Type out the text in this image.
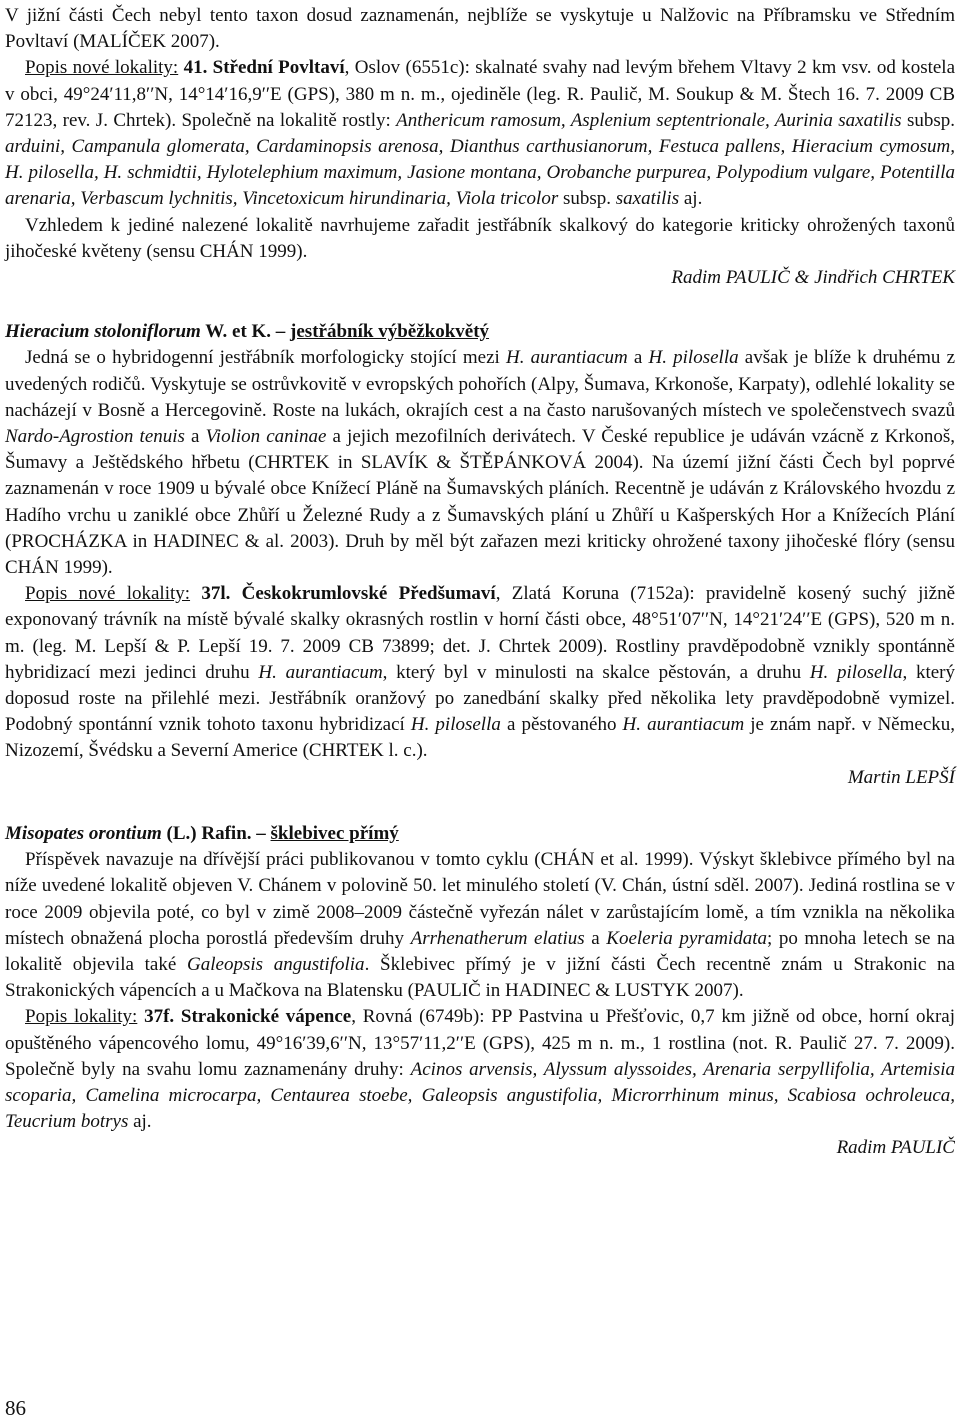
V jižní části Čech nebyl tento taxon dosud zaznamenán, nejblíže se vyskytuje u Nalžovic na Příbramsku ve Středním Povltaví (MALÍČEK 2007).

Popis nové lokality: 41. Střední Povltaví, Oslov (6551c): skalnaté svahy nad levým břehem Vltavy 2 km vsv. od kostela v obci, 49°24′11,8′′N, 14°14′16,9′′E (GPS), 380 m n. m., ojediněle (leg. R. Paulič, M. Soukup & M. Štech 16. 7. 2009 CB 72123, rev. J. Chrtek). Společně na lokalitě rostly: Anthericum ramosum, Asplenium septentrionale, Aurinia saxatilis subsp. arduini, Campanula glomerata, Cardaminopsis arenosa, Dianthus carthusianorum, Festuca pallens, Hieracium cymosum, H. pilosella, H. schmidtii, Hylotelephium maximum, Jasione montana, Orobanche purpurea, Polypodium vulgare, Potentilla arenaria, Verbascum lychnitis, Vincetoxicum hirundinaria, Viola tricolor subsp. saxatilis aj.

Vzhledem k jediné nalezené lokalitě navrhujeme zařadit jestřábník skalkový do kategorie kriticky ohrožených taxonů jihočeské květeny (sensu CHÁN 1999).

Radim PAULIČ & Jindřich CHRTEK

Hieracium stoloniflorum W. et K. – jestřábník výběžkokvětý

Jedná se o hybridogenní jestřábník morfologicky stojící mezi H. aurantiacum a H. pilosella avšak je blíže k druhému z uvedených rodičů. Vyskytuje se ostrůvkovitě v evropských pohořích (Alpy, Šumava, Krkonoše, Karpaty), odlehlé lokality se nacházejí v Bosně a Hercegovině. Roste na lukách, okrajích cest a na často narušovaných místech ve společenstvech svazů Nardo-Agrostion tenuis a Violion caninae a jejich mezofilních derivátech. V České republice je udáván vzácně z Krkonoš, Šumavy a Ještědského hřbetu (CHRTEK in SLAVÍK & ŠTĚPÁNKOVÁ 2004). Na území jižní části Čech byl poprvé zaznamenán v roce 1909 u bývalé obce Knížecí Pláně na Šumavských pláních. Recentně je udáván z Královského hvozdu z Hadího vrchu u zaniklé obce Zhůří u Železné Rudy a z Šumavských plání u Zhůří u Kašperských Hor a Knížecích Plání (PROCHÁZKA in HADINEC & al. 2003). Druh by měl být zařazen mezi kriticky ohrožené taxony jihočeské flóry (sensu CHÁN 1999).

Popis nové lokality: 37l. Českokrumlovské Předšumaví, Zlatá Koruna (7152a): pravidelně kosený suchý jižně exponovaný trávník na místě bývalé skalky okrasných rostlin v horní části obce, 48°51′07′′N, 14°21′24′′E (GPS), 520 m n. m. (leg. M. Lepší & P. Lepší 19. 7. 2009 CB 73899; det. J. Chrtek 2009). Rostliny pravděpodobně vznikly spontánně hybridizací mezi jedinci druhu H. aurantiacum, který byl v minulosti na skalce pěstován, a druhu H. pilosella, který doposud roste na přilehlé mezi. Jestřábník oranžový po zanedbání skalky před několika lety pravděpodobně vymizel. Podobný spontánní vznik tohoto taxonu hybridizací H. pilosella a pěstovaného H. aurantiacum je znám např. v Německu, Nizozemí, Švédsku a Severní Americe (CHRTEK l. c.).

Martin LEPŠÍ

Misopates orontium (L.) Rafin. – šklebivec přímý

Příspěvek navazuje na dřívější práci publikovanou v tomto cyklu (CHÁN et al. 1999). Výskyt šklebivce přímého byl na níže uvedené lokalitě objeven V. Chánem v polovině 50. let minulého století (V. Chán, ústní sděl. 2007). Jediná rostlina se v roce 2009 objevila poté, co byl v zimě 2008–2009 částečně vyřezán nálet v zarůstajícím lomě, a tím vznikla na několika místech obnažená plocha porostlá především druhy Arrhenatherum elatius a Koeleria pyramidata; po mnoha letech se na lokalitě objevila také Galeopsis angustifolia. Šklebivec přímý je v jižní části Čech recentně znám u Strakonic na Strakonických vápencích a u Mačkova na Blatensku (PAULIČ in HADINEC & LUSTYK 2007).

Popis lokality: 37f. Strakonické vápence, Rovná (6749b): PP Pastvina u Přešťovic, 0,7 km jižně od obce, horní okraj opuštěného vápencového lomu, 49°16′39,6′′N, 13°57′11,2′′E (GPS), 425 m n. m., 1 rostlina (not. R. Paulič 27. 7. 2009). Společně byly na svahu lomu zaznamenány druhy: Acinos arvensis, Alyssum alyssoides, Arenaria serpyllifolia, Artemisia scoparia, Camelina microcarpa, Centaurea stoebe, Galeopsis angustifolia, Microrrhinum minus, Scabiosa ochroleuca, Teucrium botrys aj.

Radim PAULIČ

86
